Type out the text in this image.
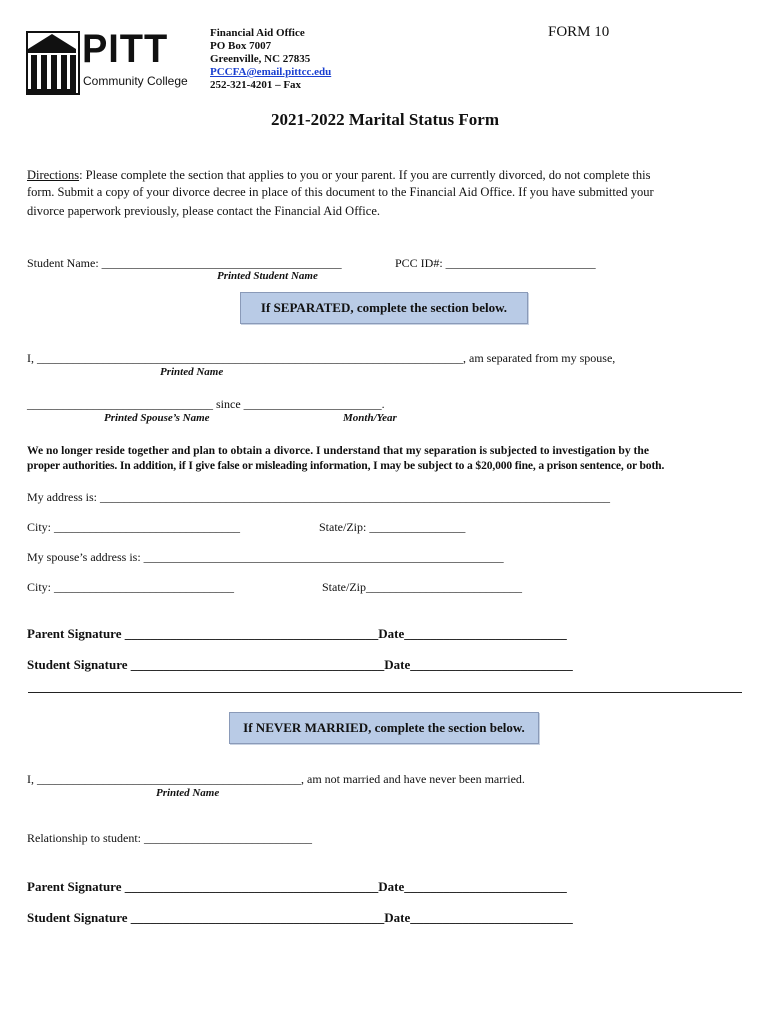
PITT
Community College
Financial Aid Office
PO Box 7007
Greenville, NC 27835
PCCFA@email.pittcc.edu
252-321-4201 – Fax
FORM 10
2021-2022 Marital Status Form
Directions: Please complete the section that applies to you or your parent. If you are currently divorced, do not complete this
form. Submit a copy of your divorce decree in place of this document to the Financial Aid Office. If you have submitted your
divorce paperwork previously, please contact the Financial Aid Office.
Student Name: ________________________________________	PCC ID#: _________________________
Printed Student Name
If SEPARATED, complete the section below.
I, _______________________________________________________________________, am separated from my spouse,
Printed Name
_______________________________ since _______________________.
Printed Spouse’s Name	Month/Year
We no longer reside together and plan to obtain a divorce. I understand that my separation is subjected to investigation by the
proper authorities. In addition, if I give false or misleading information, I may be subject to a $20,000 fine, a prison sentence, or both.
My address is: _____________________________________________________________________________________
City: _______________________________	State/Zip: ________________
My spouse’s address is: ____________________________________________________________
City: ______________________________	State/Zip__________________________
Parent Signature _______________________________________Date_________________________
Student Signature _______________________________________Date_________________________
If NEVER MARRIED, complete the section below.
I, ____________________________________________, am not married and have never been married.
Printed Name
Relationship to student: ____________________________
Parent Signature _______________________________________Date_________________________
Student Signature _______________________________________Date_________________________
